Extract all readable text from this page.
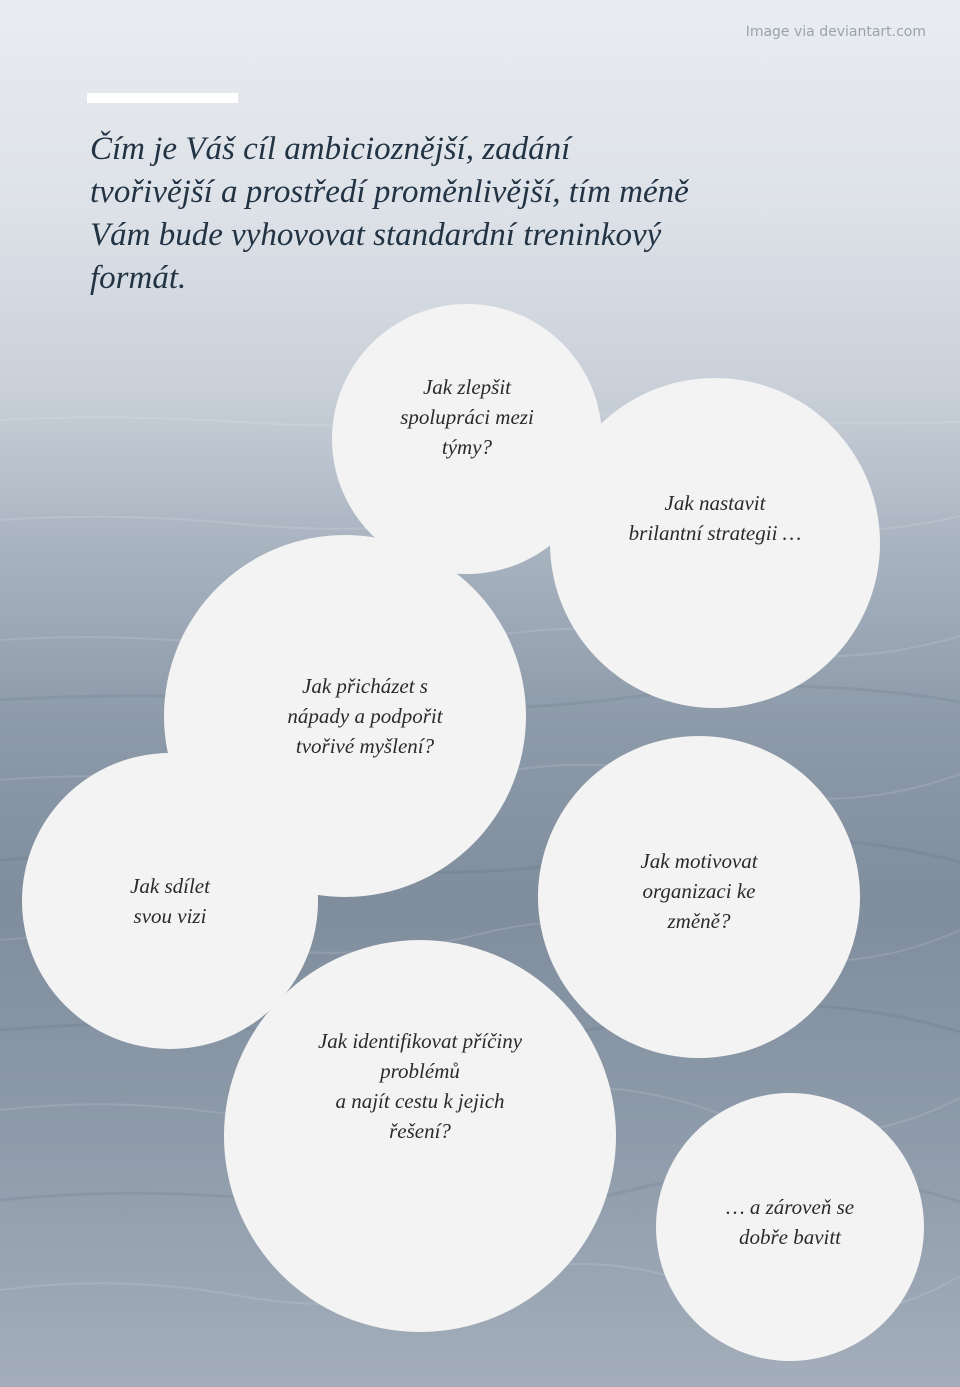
Image via deviantart.com
Čím je Váš cíl ambicioznější, zadání tvořivější a prostředí proměnlivější, tím méně Vám bude vyhovovat standardní treninkový formát.
Jak zlepšit
spolupráci mezi
týmy?
Jak nastavit
brilantní strategii …
Jak sdílet
svou vizi
Jak přicházet s
nápady a podpořit
tvořivé myšlení?
Jak motivovat
organizaci ke
změně?
Jak identifikovat příčiny
problémů
a najít cestu k jejich
řešení?
… a zároveň se
dobře bavitt
